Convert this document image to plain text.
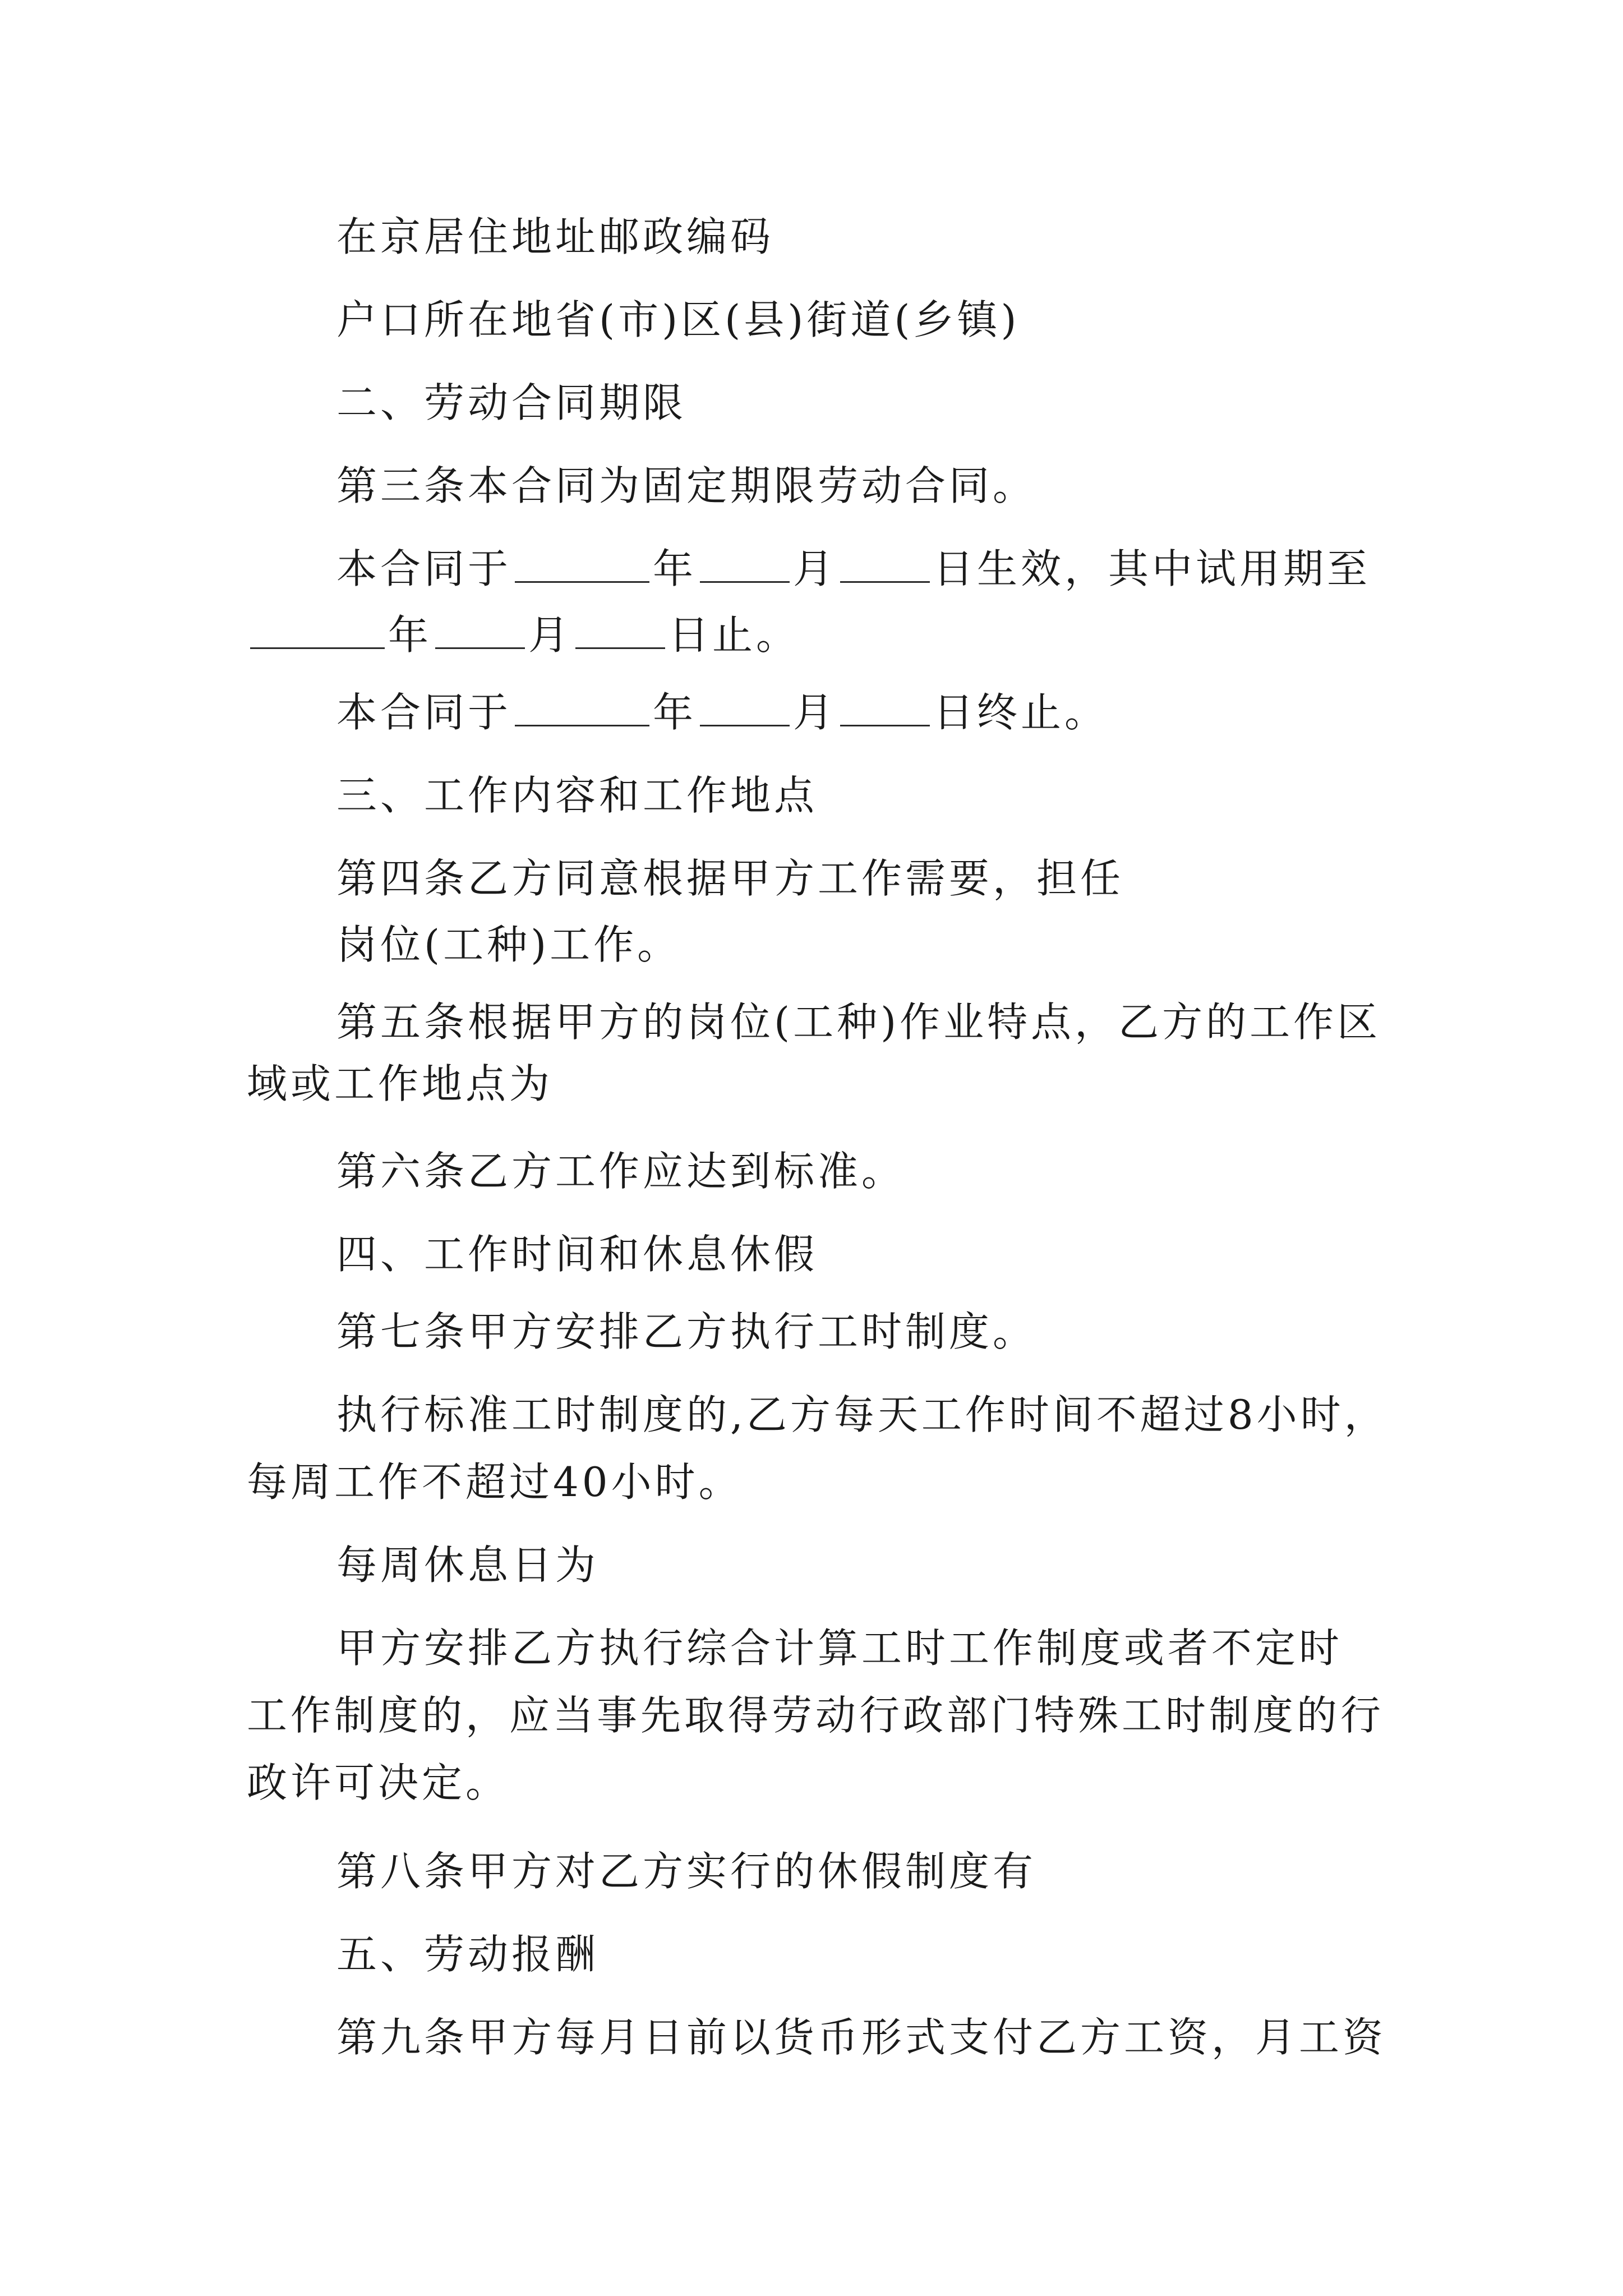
在京居住地址邮政编码
户口所在地省(市)区(县)街道(乡镇)
二、劳动合同期限
第三条本合同为固定期限劳动合同。
本合同于	年 月 日生效，其中试用期至
年 月 日止。
本合同于	年 月 日终止。
三、工作内容和工作地点
第四条乙方同意根据甲方工作需要，担任
岗位(工种)工作。
第五条根据甲方的岗位(工种)作业特点，乙方的工作区
域或工作地点为
第六条乙方工作应达到标准。
四、工作时间和休息休假
第七条甲方安排乙方执行工时制度。
执行标准工时制度的,乙方每天工作时间不超过8小时，
每周工作不超过40小时。
每周休息日为
甲方安排乙方执行综合计算工时工作制度或者不定时
工作制度的，应当事先取得劳动行政部门特殊工时制度的行
政许可决定。
第八条甲方对乙方实行的休假制度有
五、劳动报酬
第九条甲方每月日前以货币形式支付乙方工资，月工资
